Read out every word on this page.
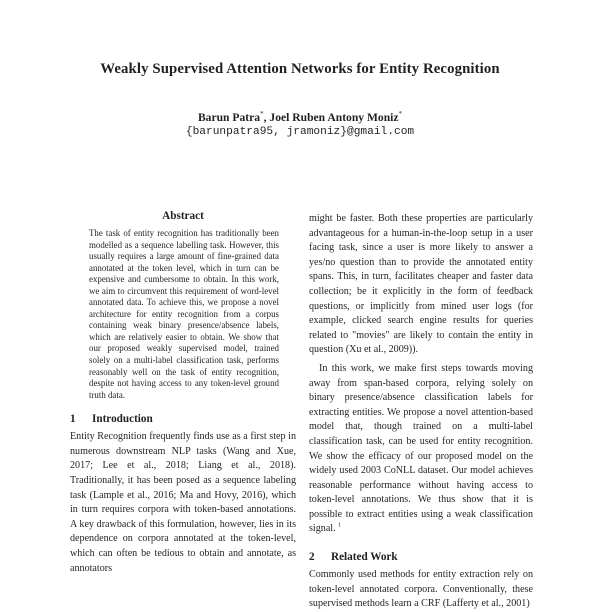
Weakly Supervised Attention Networks for Entity Recognition
Barun Patra*, Joel Ruben Antony Moniz*
{barunpatra95, jramoniz}@gmail.com
Abstract
The task of entity recognition has traditionally been modelled as a sequence labelling task. However, this usually requires a large amount of fine-grained data annotated at the token level, which in turn can be expensive and cumbersome to obtain. In this work, we aim to circumvent this requirement of word-level annotated data. To achieve this, we propose a novel architecture for entity recognition from a corpus containing weak binary presence/absence labels, which are relatively easier to obtain. We show that our proposed weakly supervised model, trained solely on a multi-label classification task, performs reasonably well on the task of entity recognition, despite not having access to any token-level ground truth data.
1 Introduction
Entity Recognition frequently finds use as a first step in numerous downstream NLP tasks (Wang and Xue, 2017; Lee et al., 2018; Liang et al., 2018). Traditionally, it has been posed as a sequence labeling task (Lample et al., 2016; Ma and Hovy, 2016), which in turn requires corpora with token-based annotations. A key drawback of this formulation, however, lies in its dependence on corpora annotated at the token-level, which can often be tedious to obtain and annotate, as annotators
might be faster. Both these properties are particularly advantageous for a human-in-the-loop setup in a user facing task, since a user is more likely to answer a yes/no question than to provide the annotated entity spans. This, in turn, facilitates cheaper and faster data collection; be it explicitly in the form of feedback questions, or implicitly from mined user logs (for example, clicked search engine results for queries related to "movies" are likely to contain the entity in question (Xu et al., 2009)).
In this work, we make first steps towards moving away from span-based corpora, relying solely on binary presence/absence classification labels for extracting entities. We propose a novel attention-based model that, though trained on a multi-label classification task, can be used for entity recognition. We show the efficacy of our proposed model on the widely used 2003 CoNLL dataset. Our model achieves reasonable performance without having access to token-level annotations. We thus show that it is possible to extract entities using a weak classification signal. $^1$
2 Related Work
Commonly used methods for entity extraction rely on token-level annotated corpora. Conventionally, these supervised methods learn a CRF (Lafferty et al., 2001)
